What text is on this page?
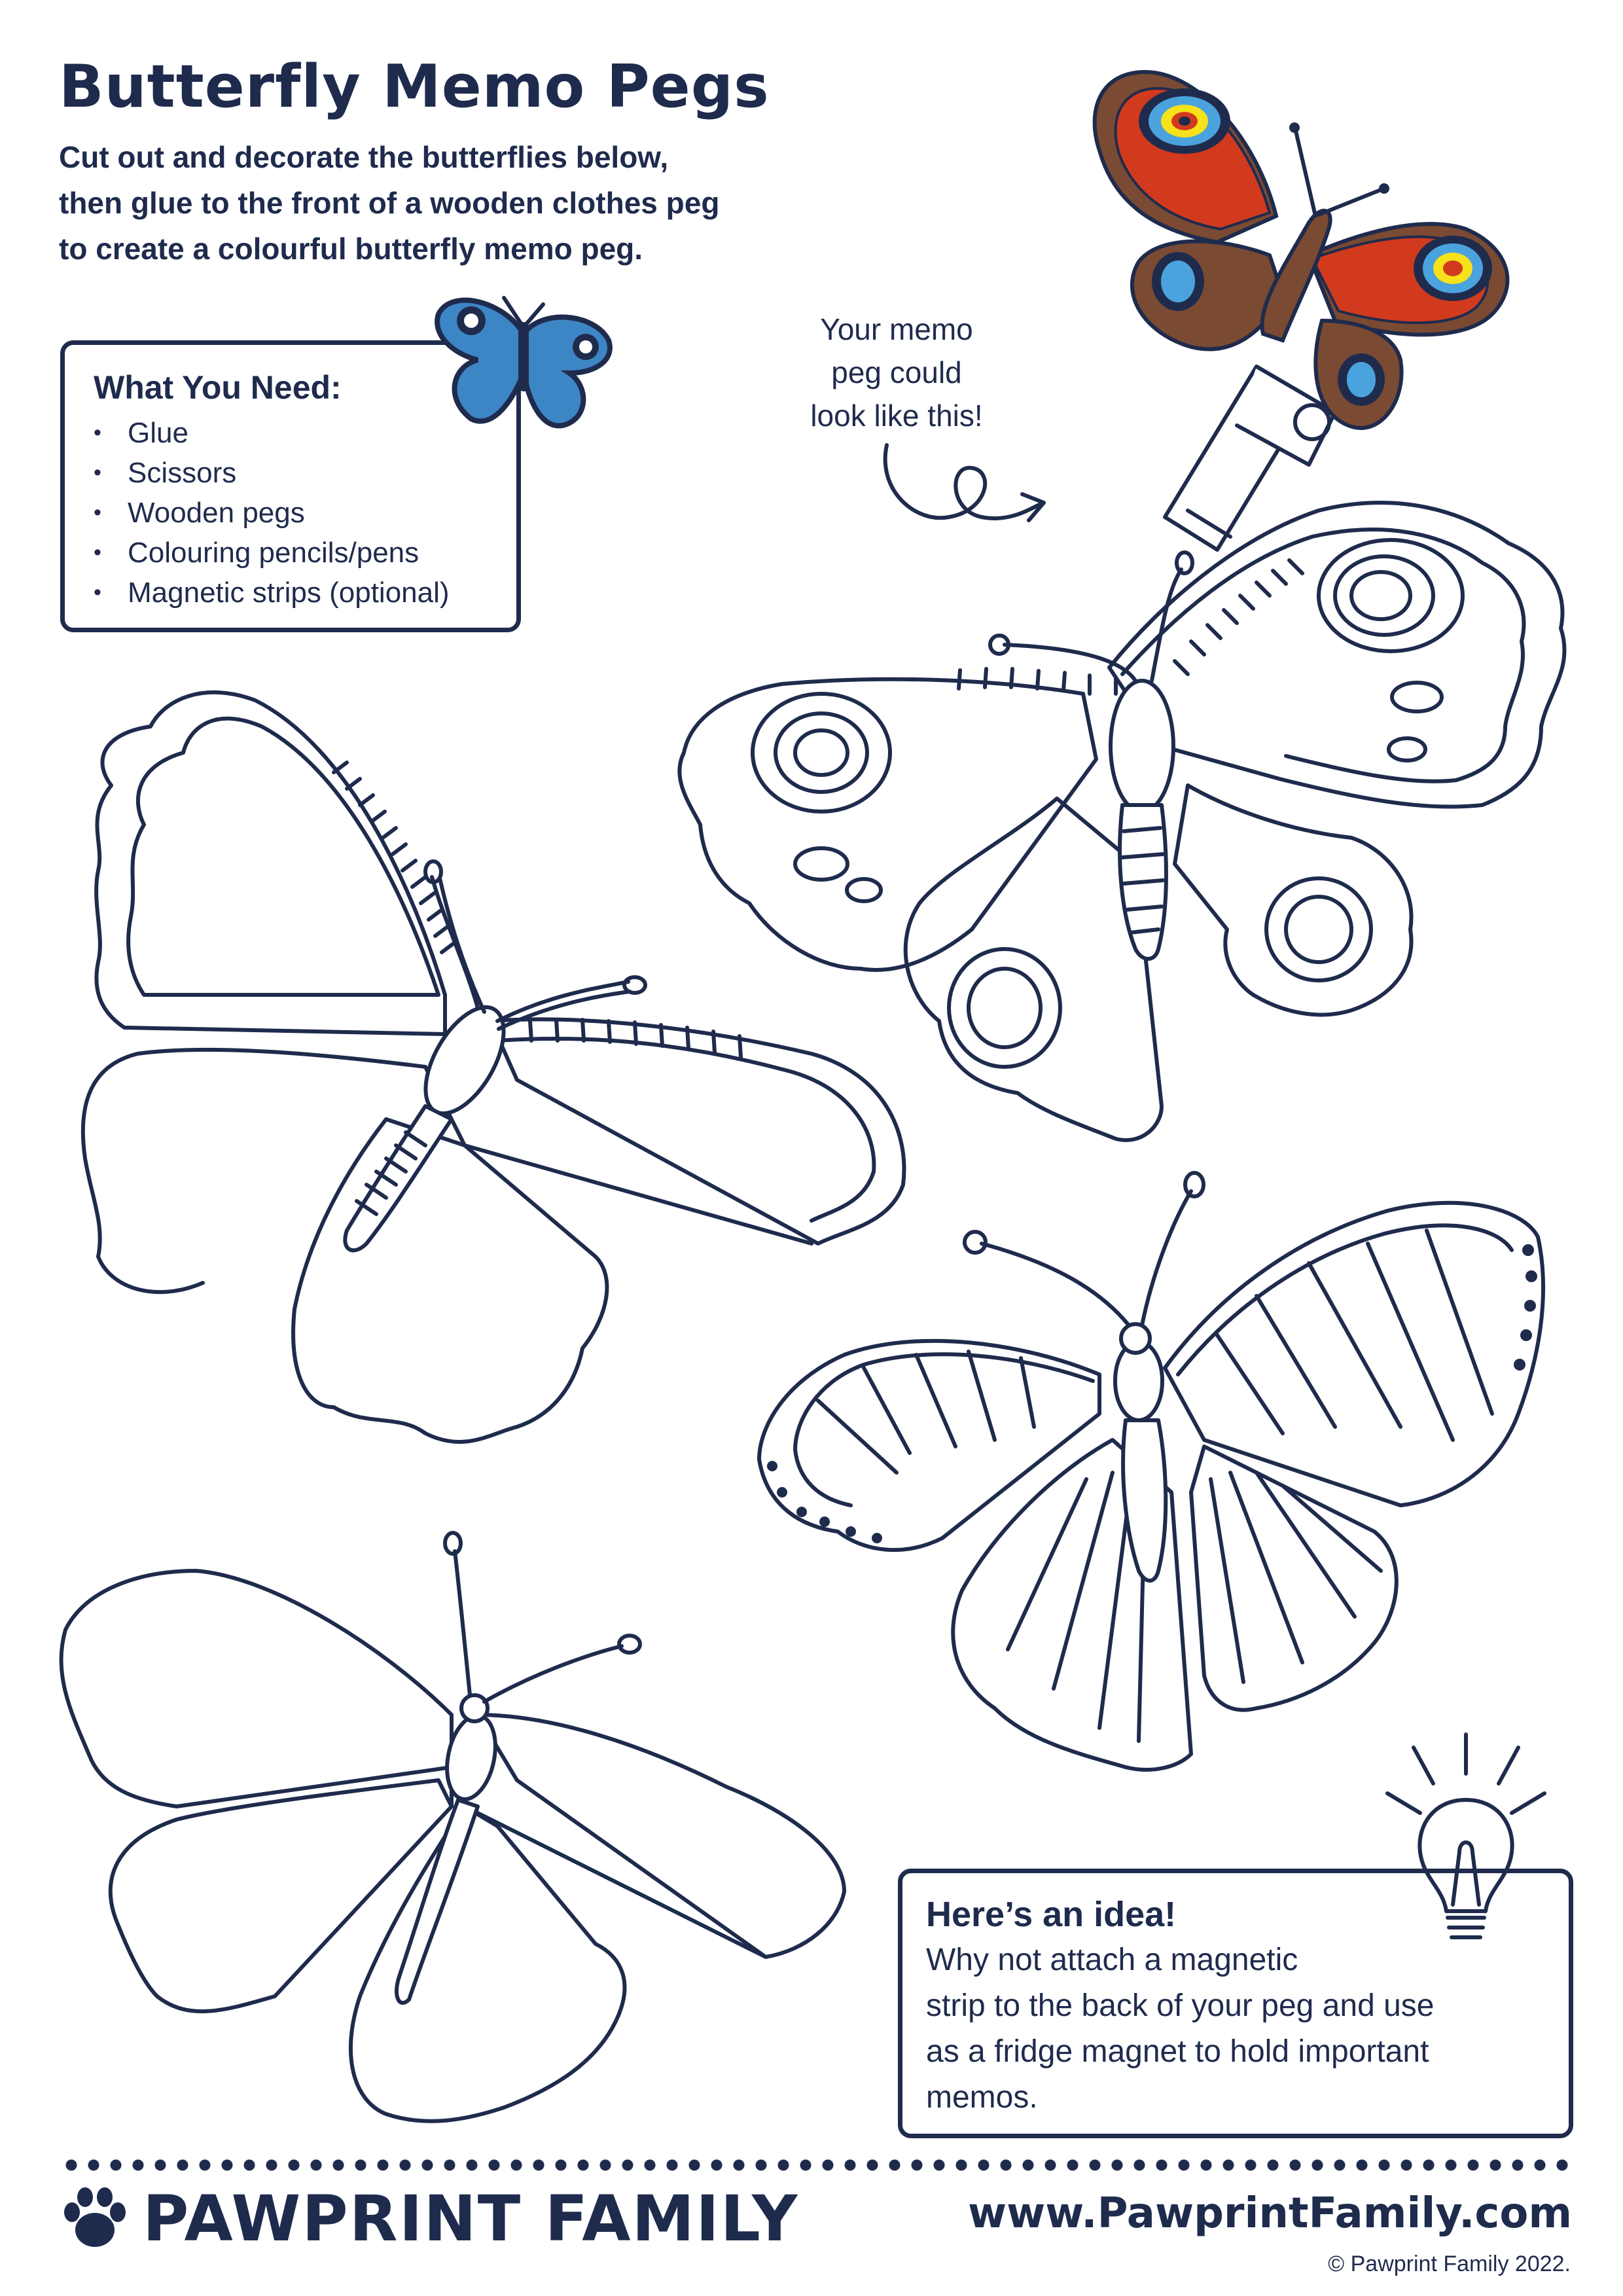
Butterfly Memo Pegs
Cut out and decorate the butterflies below,
then glue to the front of a wooden clothes peg
to create a colourful butterfly memo peg.
What You Need:
• Glue
• Scissors
• Wooden pegs
• Colouring pencils/pens
• Magnetic strips (optional)
Your memo
peg could
look like this!
Here’s an idea!

Why not attach a magnetic
strip to the back of your peg and use
as a fridge magnet to hold important
memos.

PAWPRINT FAMILY	www.PawprintFamily.com
© Pawprint Family 2022.
